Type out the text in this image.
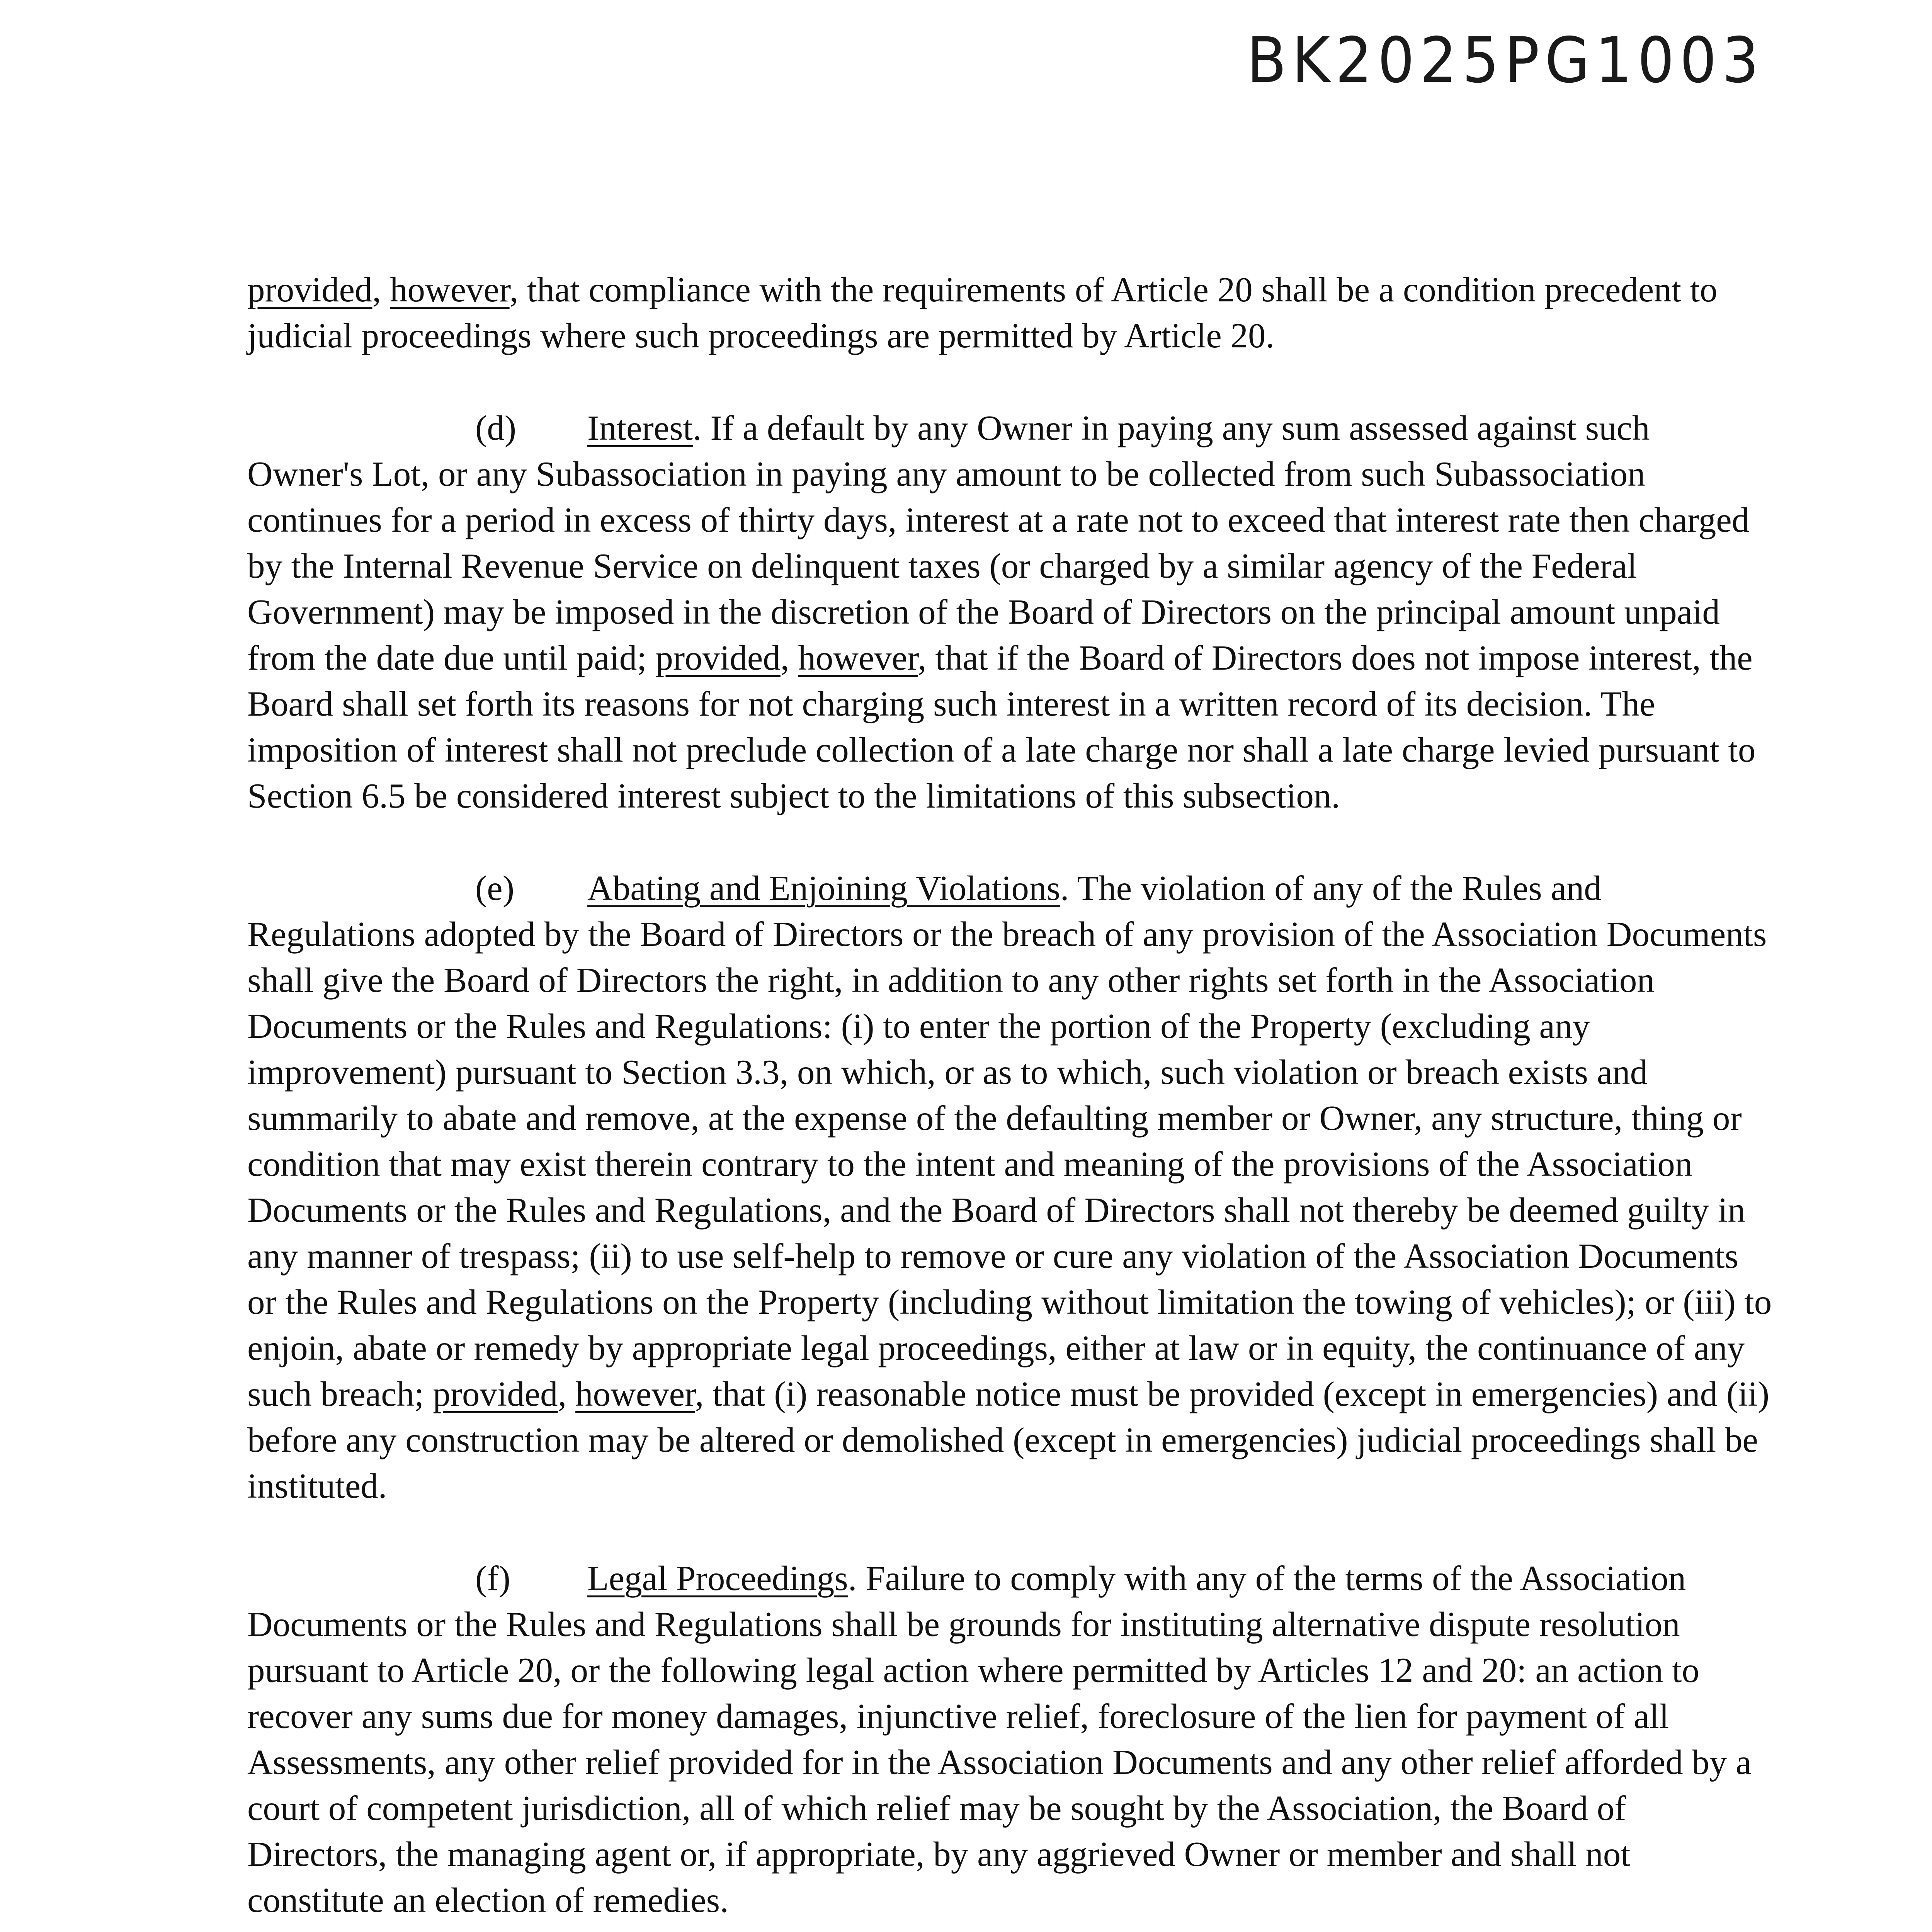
BK2025PG1003

provided, however, that compliance with the requirements of Article 20 shall be a condition precedent to judicial proceedings where such proceedings are permitted by Article 20.

(d) Interest. If a default by any Owner in paying any sum assessed against such Owner's Lot, or any Subassociation in paying any amount to be collected from such Subassociation continues for a period in excess of thirty days, interest at a rate not to exceed that interest rate then charged by the Internal Revenue Service on delinquent taxes (or charged by a similar agency of the Federal Government) may be imposed in the discretion of the Board of Directors on the principal amount unpaid from the date due until paid; provided, however, that if the Board of Directors does not impose interest, the Board shall set forth its reasons for not charging such interest in a written record of its decision. The imposition of interest shall not preclude collection of a late charge nor shall a late charge levied pursuant to Section 6.5 be considered interest subject to the limitations of this subsection.

(e) Abating and Enjoining Violations. The violation of any of the Rules and Regulations adopted by the Board of Directors or the breach of any provision of the Association Documents shall give the Board of Directors the right, in addition to any other rights set forth in the Association Documents or the Rules and Regulations: (i) to enter the portion of the Property (excluding any improvement) pursuant to Section 3.3, on which, or as to which, such violation or breach exists and summarily to abate and remove, at the expense of the defaulting member or Owner, any structure, thing or condition that may exist therein contrary to the intent and meaning of the provisions of the Association Documents or the Rules and Regulations, and the Board of Directors shall not thereby be deemed guilty in any manner of trespass; (ii) to use self-help to remove or cure any violation of the Association Documents or the Rules and Regulations on the Property (including without limitation the towing of vehicles); or (iii) to enjoin, abate or remedy by appropriate legal proceedings, either at law or in equity, the continuance of any such breach; provided, however, that (i) reasonable notice must be provided (except in emergencies) and (ii) before any construction may be altered or demolished (except in emergencies) judicial proceedings shall be instituted.

(f) Legal Proceedings. Failure to comply with any of the terms of the Association Documents or the Rules and Regulations shall be grounds for instituting alternative dispute resolution pursuant to Article 20, or the following legal action where permitted by Articles 12 and 20: an action to recover any sums due for money damages, injunctive relief, foreclosure of the lien for payment of all Assessments, any other relief provided for in the Association Documents and any other relief afforded by a court of competent jurisdiction, all of which relief may be sought by the Association, the Board of Directors, the managing agent or, if appropriate, by any aggrieved Owner or member and shall not constitute an election of remedies.
